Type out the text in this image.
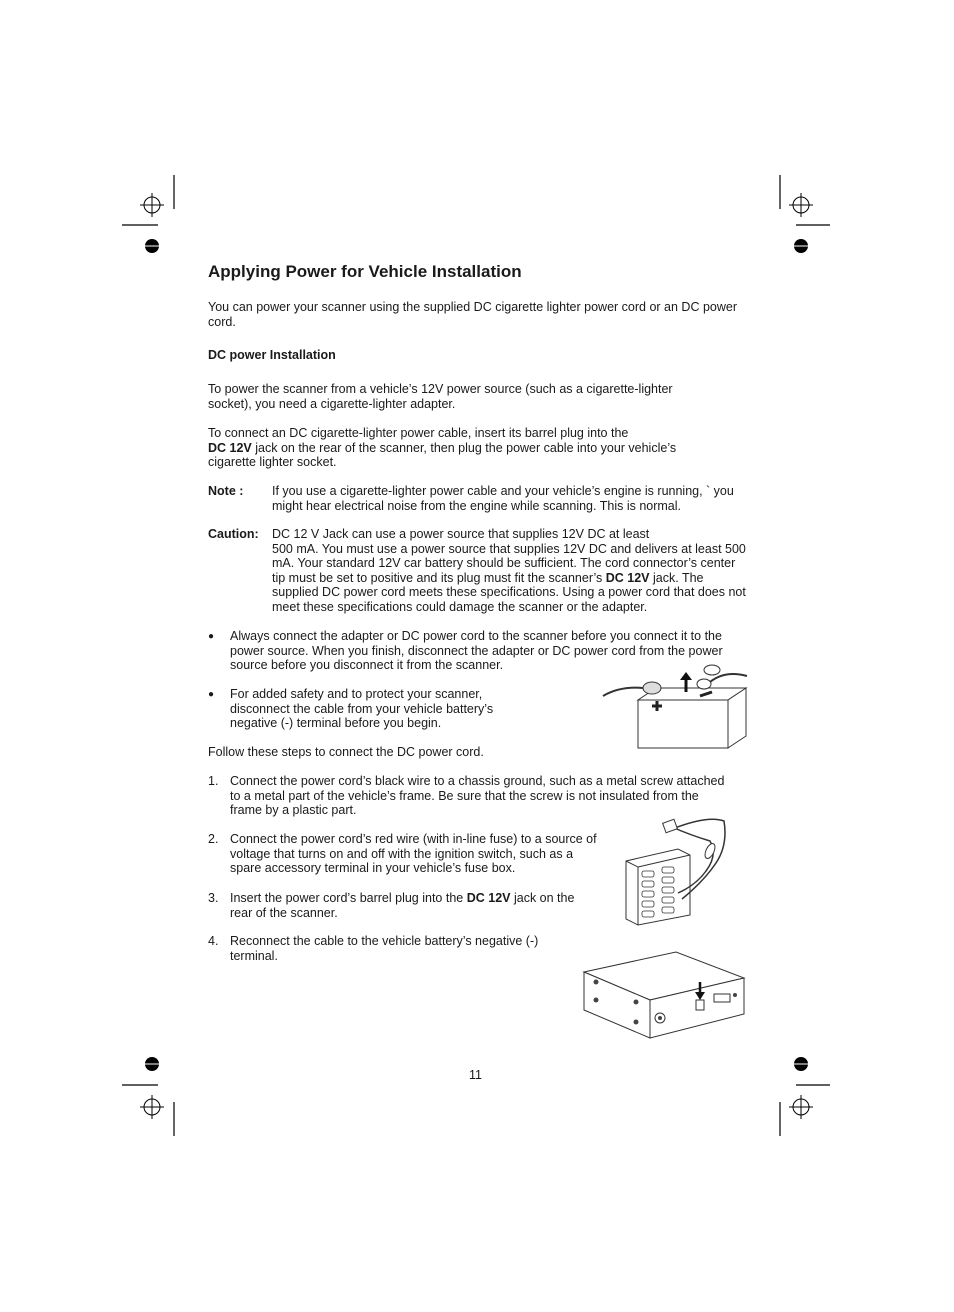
Applying Power for Vehicle Installation
You can power your scanner using the supplied DC cigarette lighter power cord or an DC power cord.
DC power Installation
To power the scanner from a vehicle’s 12V power source (such as a cigarette-lighter socket), you need a cigarette-lighter adapter.
To connect an DC cigarette-lighter power cable, insert its barrel plug into the
DC 12V jack on the rear of the scanner, then plug the power cable into your vehicle’s cigarette lighter socket.
Note : If you use a cigarette-lighter power cable and your vehicle’s engine is running, ` you might hear electrical noise from the engine while scanning. This is normal.
Caution: DC 12 V Jack can use a power source that supplies 12V DC at least
500 mA. You must use a power source that supplies 12V DC and delivers at least 500 mA. Your standard 12V car battery should be sufficient. The cord connector’s center tip must be set to positive and its plug must fit the scanner’s DC 12V jack. The supplied DC power cord meets these specifications. Using a power cord that does not meet these specifications could damage the scanner or the adapter.
● Always connect the adapter or DC power cord to the scanner before you connect it to the power source. When you finish, disconnect the adapter or DC power cord from the power source before you disconnect it from the scanner.
● For added safety and to protect your scanner, disconnect the cable from your vehicle battery’s negative (-) terminal before you begin.
Follow these steps to connect the DC power cord.
1. Connect the power cord’s black wire to a chassis ground, such as a metal screw attached to a metal part of the vehicle’s frame. Be sure that the screw is not insulated from the frame by a plastic part.
2. Connect the power cord’s red wire (with in-line fuse) to a source of voltage that turns on and off with the ignition switch, such as a spare accessory terminal in your vehicle’s fuse box.
3. Insert the power cord’s barrel plug into the DC 12V jack on the rear of the scanner.
4. Reconnect the cable to the vehicle battery’s negative (-) terminal.
11
